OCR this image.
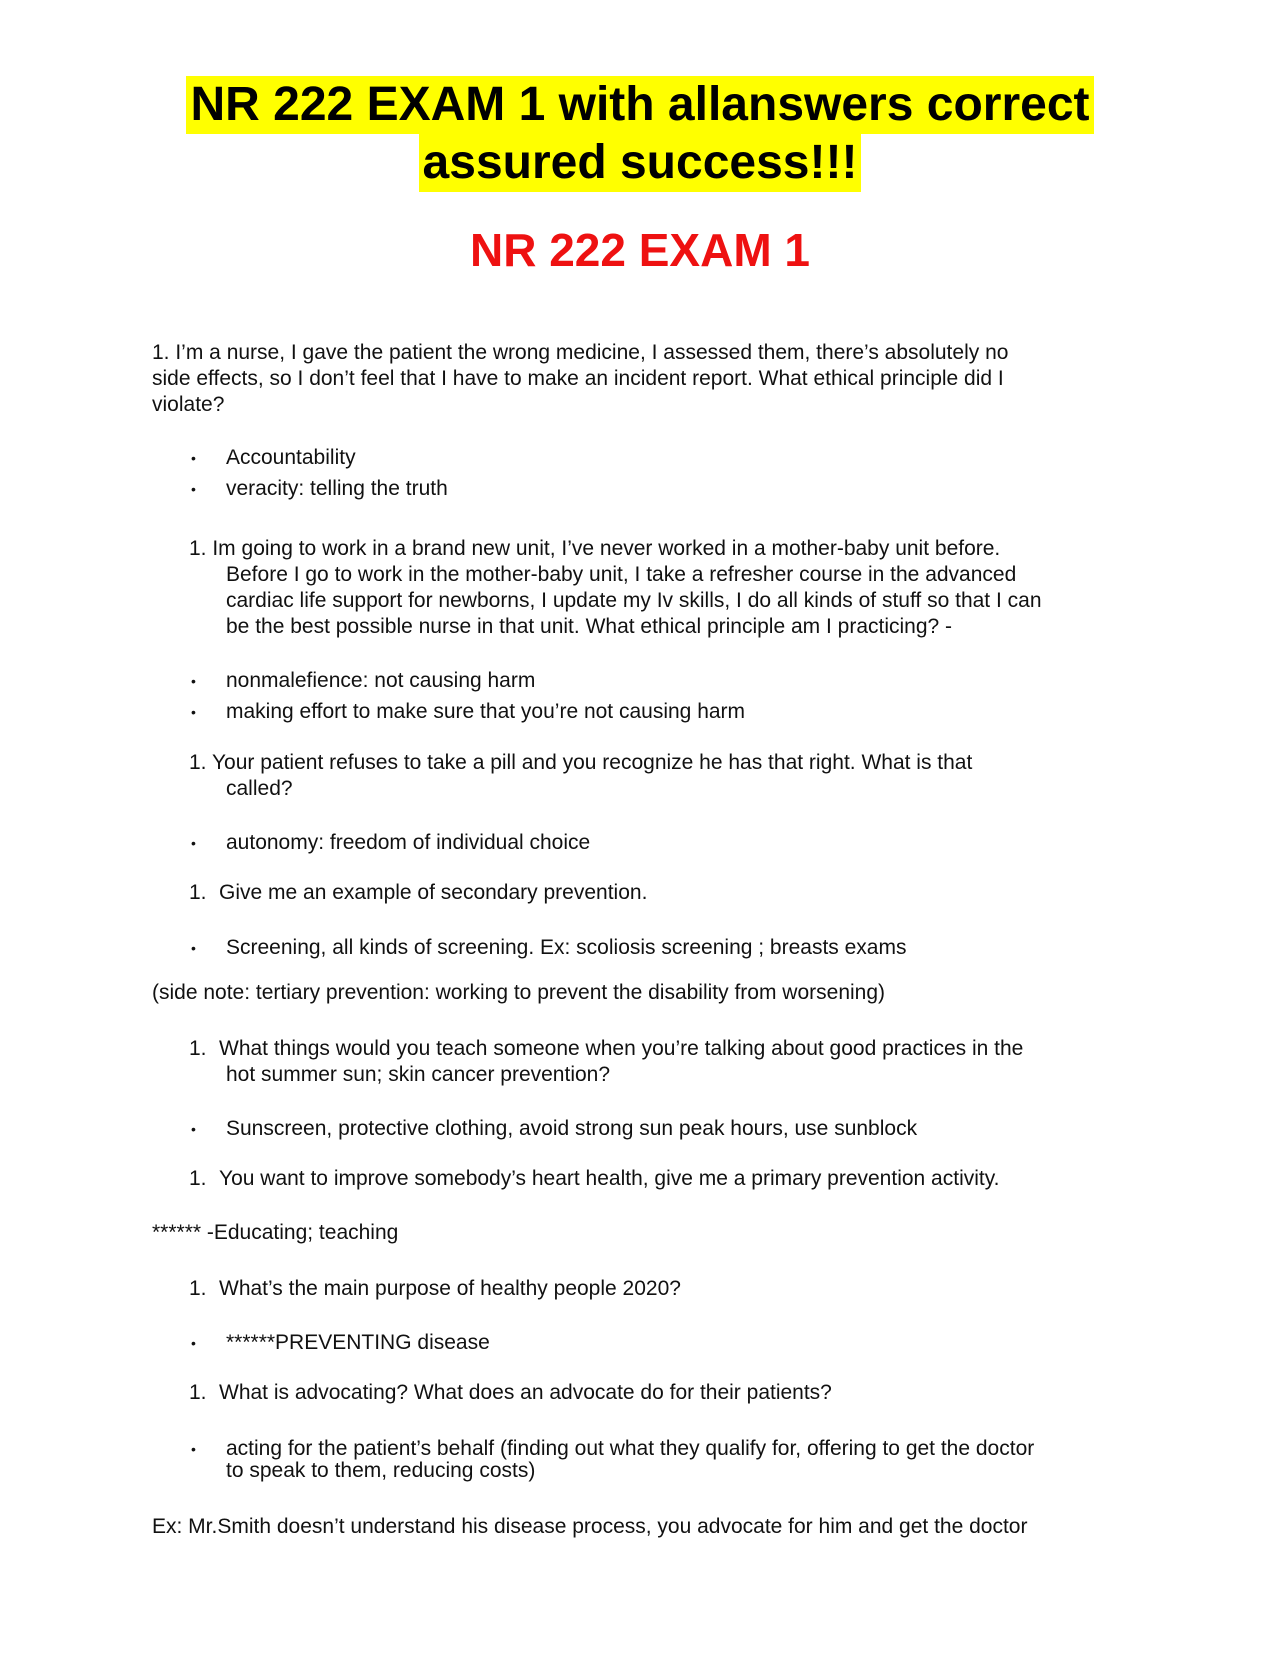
NR 222 EXAM 1 with allanswers correct
assured success!!!
NR 222 EXAM 1
1. I’m a nurse, I gave the patient the wrong medicine, I assessed them, there’s absolutely no
side effects, so I don’t feel that I have to make an incident report. What ethical principle did I
violate?
• Accountability
• veracity: telling the truth
1. Im going to work in a brand new unit, I’ve never worked in a mother-baby unit before.
Before I go to work in the mother-baby unit, I take a refresher course in the advanced
cardiac life support for newborns, I update my Iv skills, I do all kinds of stuff so that I can
be the best possible nurse in that unit. What ethical principle am I practicing? -
• nonmalefience: not causing harm
• making effort to make sure that you’re not causing harm
1. Your patient refuses to take a pill and you recognize he has that right. What is that
called?
• autonomy: freedom of individual choice
1. Give me an example of secondary prevention.
• Screening, all kinds of screening. Ex: scoliosis screening ; breasts exams
(side note: tertiary prevention: working to prevent the disability from worsening)
1. What things would you teach someone when you’re talking about good practices in the
hot summer sun; skin cancer prevention?
• Sunscreen, protective clothing, avoid strong sun peak hours, use sunblock
1. You want to improve somebody’s heart health, give me a primary prevention activity.
****** -Educating; teaching
1. What’s the main purpose of healthy people 2020?
• ******PREVENTING disease
1. What is advocating? What does an advocate do for their patients?
• acting for the patient’s behalf (finding out what they qualify for, offering to get the doctor
to speak to them, reducing costs)
Ex: Mr.Smith doesn’t understand his disease process, you advocate for him and get the doctor
